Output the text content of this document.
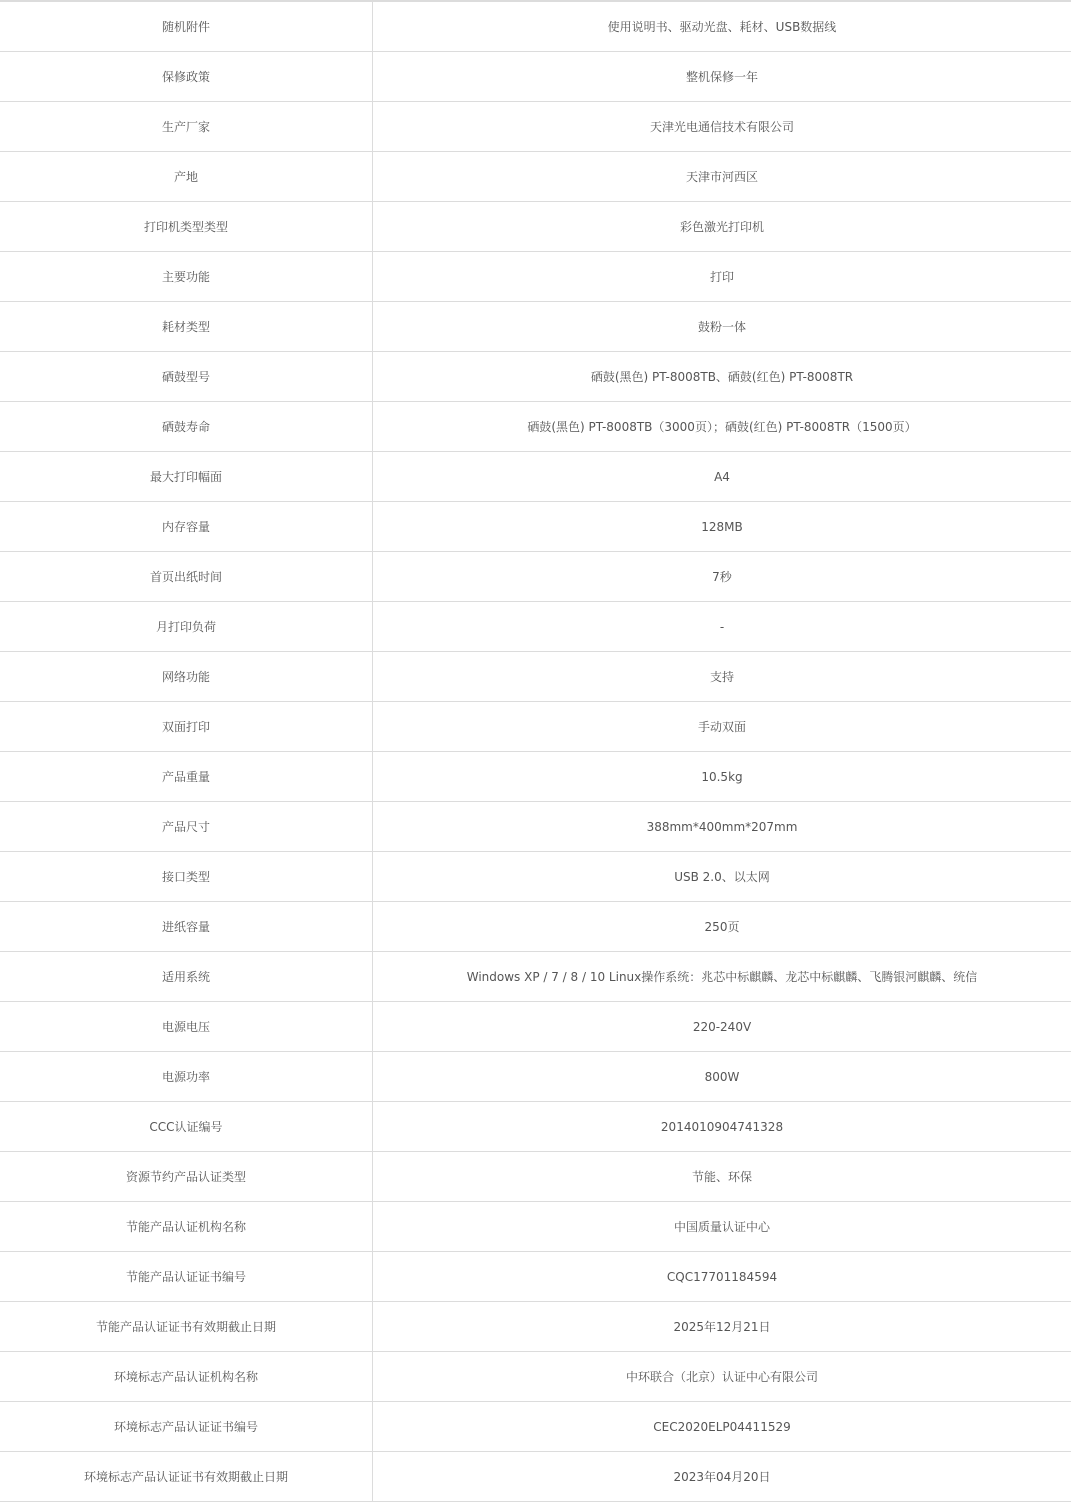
随机附件	使用说明书、驱动光盘、耗材、USB数据线
保修政策	整机保修一年
生产厂家	天津光电通信技术有限公司
产地	天津市河西区
打印机类型类型	彩色激光打印机
主要功能	打印
耗材类型	鼓粉一体
硒鼓型号	硒鼓(黑色) PT-8008TB、硒鼓(红色) PT-8008TR
硒鼓寿命	硒鼓(黑色) PT-8008TB（3000页）；硒鼓(红色) PT-8008TR（1500页）
最大打印幅面	A4
内存容量	128MB
首页出纸时间	7秒
月打印负荷	-
网络功能	支持
双面打印	手动双面
产品重量	10.5kg
产品尺寸	388mm*400mm*207mm
接口类型	USB 2.0、以太网
进纸容量	250页
适用系统	Windows XP / 7 / 8 / 10 Linux操作系统：兆芯中标麒麟、龙芯中标麒麟、飞腾银河麒麟、统信
电源电压	220-240V
电源功率	800W
CCC认证编号	2014010904741328
资源节约产品认证类型	节能、环保
节能产品认证机构名称	中国质量认证中心
节能产品认证证书编号	CQC17701184594
节能产品认证证书有效期截止日期	2025年12月21日
环境标志产品认证机构名称	中环联合（北京）认证中心有限公司
环境标志产品认证证书编号	CEC2020ELP04411529
环境标志产品认证证书有效期截止日期	2023年04月20日
